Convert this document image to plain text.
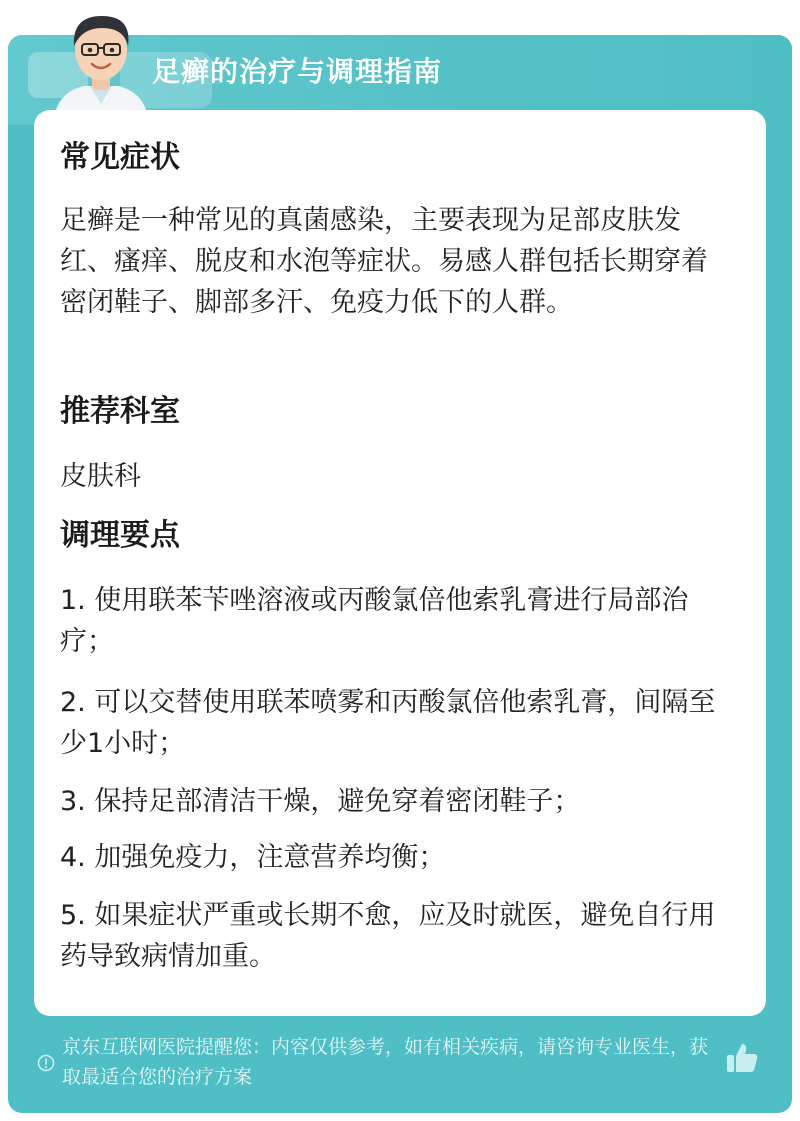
足癣的治疗与调理指南
常见症状
足癣是一种常见的真菌感染，主要表现为足部皮肤发红、瘙痒、脱皮和水泡等症状。易感人群包括长期穿着密闭鞋子、脚部多汗、免疫力低下的人群。
推荐科室
皮肤科
调理要点
1. 使用联苯苄唑溶液或丙酸氯倍他索乳膏进行局部治疗；
2. 可以交替使用联苯喷雾和丙酸氯倍他索乳膏，间隔至少1小时；
3. 保持足部清洁干燥，避免穿着密闭鞋子；
4. 加强免疫力，注意营养均衡；
5. 如果症状严重或长期不愈，应及时就医，避免自行用药导致病情加重。
京东互联网医院提醒您：内容仅供参考，如有相关疾病，请咨询专业医生，获取最适合您的治疗方案
